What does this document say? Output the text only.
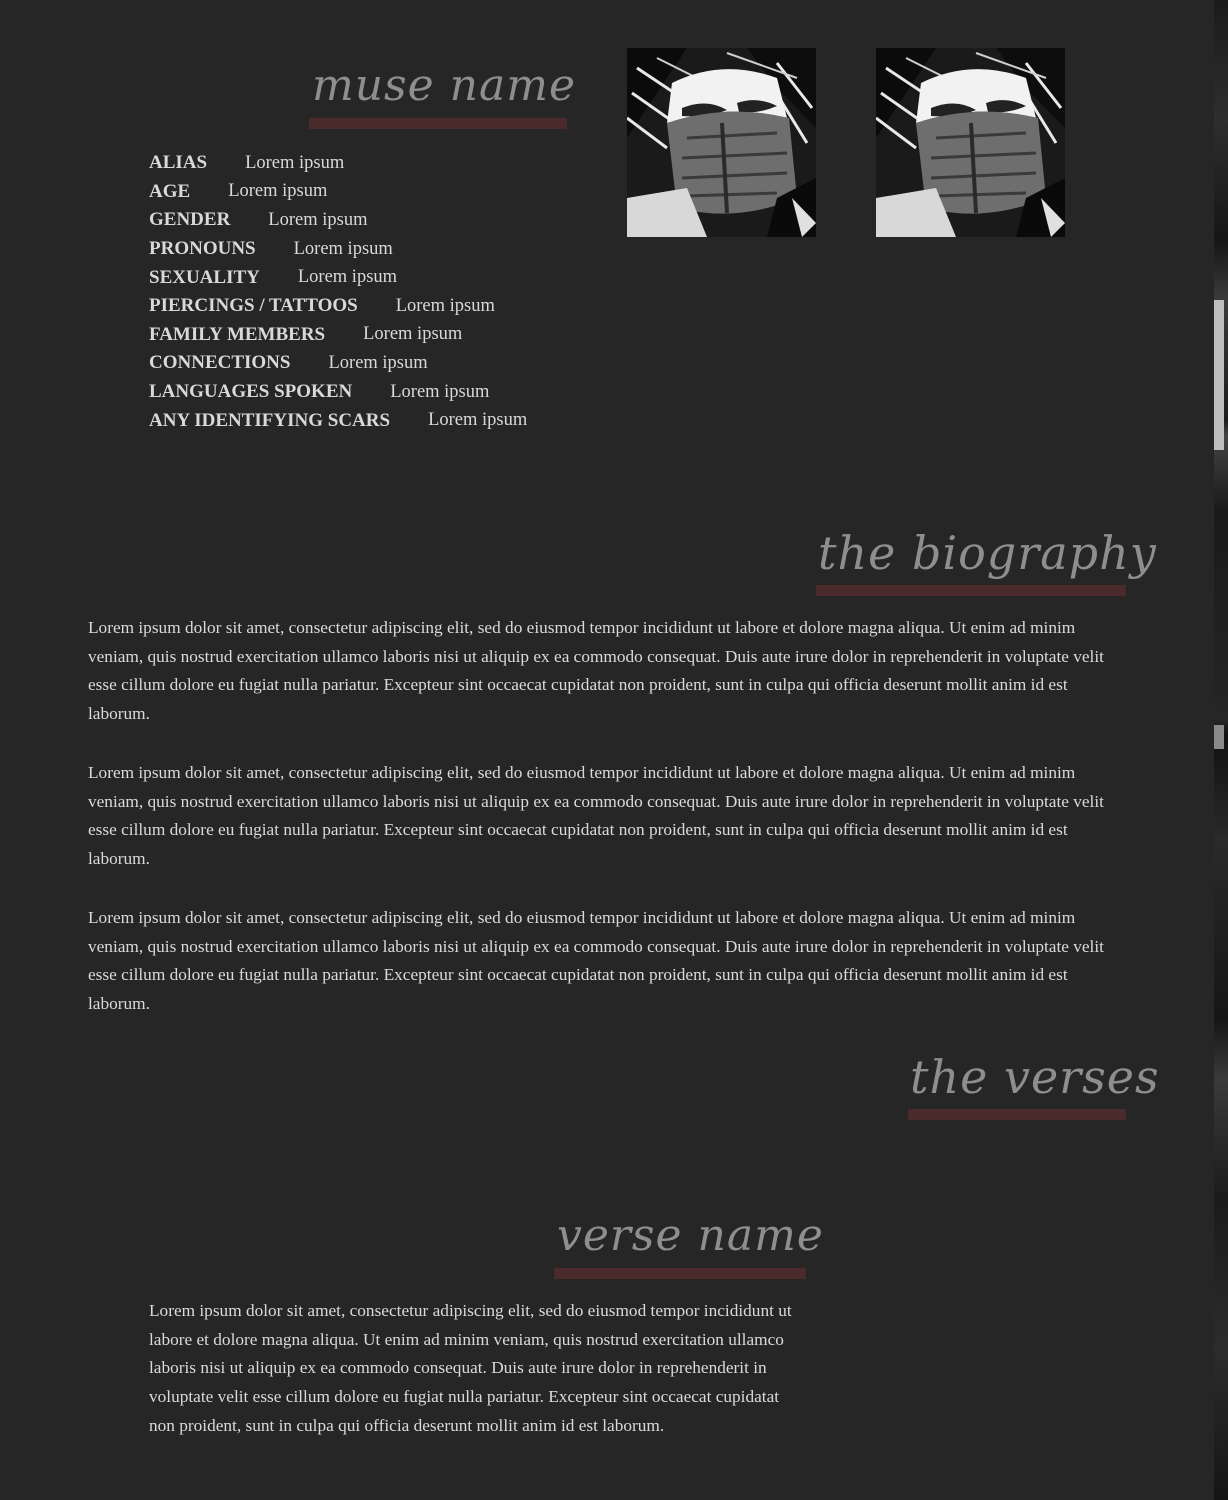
muse name
ALIAS Lorem ipsum
AGE Lorem ipsum
GENDER Lorem ipsum
PRONOUNS Lorem ipsum
SEXUALITY Lorem ipsum
PIERCINGS / TATTOOS Lorem ipsum
FAMILY MEMBERS Lorem ipsum
CONNECTIONS Lorem ipsum
LANGUAGES SPOKEN Lorem ipsum
ANY IDENTIFYING SCARS Lorem ipsum
the biography

Lorem ipsum dolor sit amet, consectetur adipiscing elit, sed do eiusmod tempor incididunt ut labore et dolore magna aliqua. Ut enim ad minim veniam, quis nostrud exercitation ullamco laboris nisi ut aliquip ex ea commodo consequat. Duis aute irure dolor in reprehenderit in voluptate velit esse cillum dolore eu fugiat nulla pariatur. Excepteur sint occaecat cupidatat non proident, sunt in culpa qui officia deserunt mollit anim id est laborum.

Lorem ipsum dolor sit amet, consectetur adipiscing elit, sed do eiusmod tempor incididunt ut labore et dolore magna aliqua. Ut enim ad minim veniam, quis nostrud exercitation ullamco laboris nisi ut aliquip ex ea commodo consequat. Duis aute irure dolor in reprehenderit in voluptate velit esse cillum dolore eu fugiat nulla pariatur. Excepteur sint occaecat cupidatat non proident, sunt in culpa qui officia deserunt mollit anim id est laborum.

Lorem ipsum dolor sit amet, consectetur adipiscing elit, sed do eiusmod tempor incididunt ut labore et dolore magna aliqua. Ut enim ad minim veniam, quis nostrud exercitation ullamco laboris nisi ut aliquip ex ea commodo consequat. Duis aute irure dolor in reprehenderit in voluptate velit esse cillum dolore eu fugiat nulla pariatur. Excepteur sint occaecat cupidatat non proident, sunt in culpa qui officia deserunt mollit anim id est laborum.

the verses
verse name

Lorem ipsum dolor sit amet, consectetur adipiscing elit, sed do eiusmod tempor incididunt ut labore et dolore magna aliqua. Ut enim ad minim veniam, quis nostrud exercitation ullamco laboris nisi ut aliquip ex ea commodo consequat. Duis aute irure dolor in reprehenderit in voluptate velit esse cillum dolore eu fugiat nulla pariatur. Excepteur sint occaecat cupidatat non proident, sunt in culpa qui officia deserunt mollit anim id est laborum.
